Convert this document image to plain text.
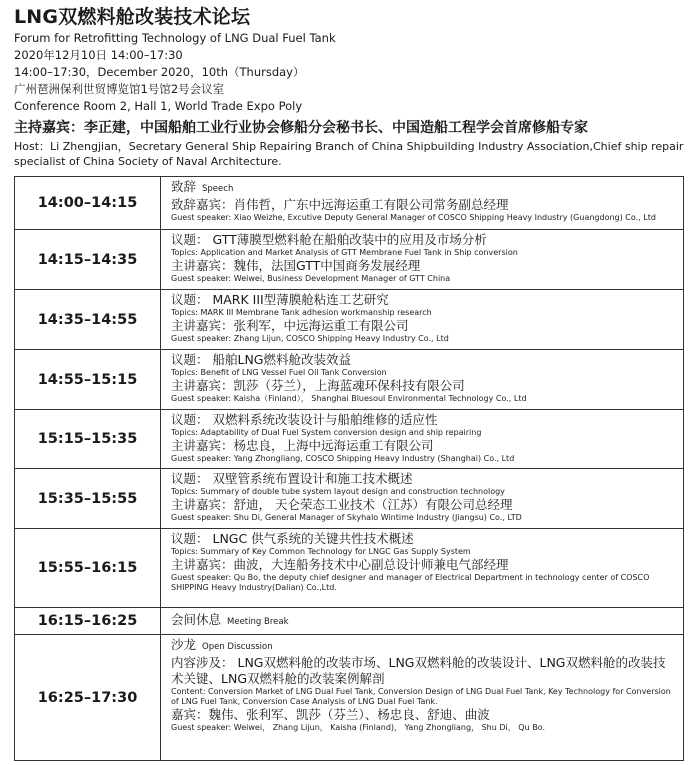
LNG双燃料舱改装技术论坛
Forum for Retrofitting Technology of LNG Dual Fuel Tank
2020年12月10日 14:00–17:30
14:00–17:30，December 2020，10th（Thursday）
广州琶洲保利世贸博览馆1号馆2号会议室
Conference Room 2, Hall 1, World Trade Expo Poly
主持嘉宾：李正建，中国船舶工业行业协会修船分会秘书长、中国造船工程学会首席修船专家
Host：Li Zhengjian，Secretary General Ship Repairing Branch of China Shipbuilding Industry Association,Chief ship repair specialist of China Society of Naval Architecture.
14:00–14:15	致辞 Speech
致辞嘉宾：肖伟哲，广东中远海运重工有限公司常务副总经理
Guest speaker: Xiao Weizhe, Excutive Deputy General Manager of COSCO Shipping Heavy Industry (Guangdong) Co., Ltd

14:15–14:35	议题： GTT薄膜型燃料舱在船舶改装中的应用及市场分析
Topics: Application and Market Analysis of GTT Membrane Fuel Tank in Ship conversion
主讲嘉宾：魏伟，法国GTT中国商务发展经理
Guest speaker: Weiwei, Business Development Manager of GTT China

14:35–14:55	议题： MARK III型薄膜舱粘连工艺研究
Topics: MARK III Membrane Tank adhesion workmanship research
主讲嘉宾：张利军，中远海运重工有限公司
Guest speaker: Zhang Lijun, COSCO Shipping Heavy Industry Co., Ltd

14:55–15:15	议题： 船舶LNG燃料舱改装效益
Topics: Benefit of LNG Vessel Fuel Oil Tank Conversion
主讲嘉宾：凯莎（芬兰），上海蓝魂环保科技有限公司
Guest speaker: Kaisha（Finland）， Shanghai Bluesoul Environmental Technology Co., Ltd

15:15–15:35	议题： 双燃料系统改装设计与船舶维修的适应性
Topics: Adaptability of Dual Fuel System conversion design and ship repairing
主讲嘉宾：杨忠良，上海中远海运重工有限公司
Guest speaker: Yang Zhongliang, COSCO Shipping Heavy Industry (Shanghai) Co., Ltd

15:35–15:55	议题： 双壁管系统布置设计和施工技术概述
Topics: Summary of double tube system layout design and construction technology
主讲嘉宾：舒迪， 天仑荣态工业技术（江苏）有限公司总经理
Guest speaker: Shu Di, General Manager of Skyhalo Wintime Industry (Jiangsu) Co., LTD

15:55–16:15	议题： LNGC 供气系统的关键共性技术概述
Topics: Summary of Key Common Technology for LNGC Gas Supply System
主讲嘉宾：曲波，大连船务技术中心副总设计师兼电气部经理
Guest speaker: Qu Bo, the deputy chief designer and manager of Electrical Department in technology center of COSCO SHIPPING Heavy Industry(Dalian) Co.,Ltd.

16:15–16:25	会间休息 Meeting Break

16:25–17:30	沙龙 Open Discussion
内容涉及： LNG双燃料舱的改装市场、LNG双燃料舱的改装设计、LNG双燃料舱的改装技术关键、LNG双燃料舱的改装案例解剖
Content: Conversion Market of LNG Dual Fuel Tank, Conversion Design of LNG Dual Fuel Tank, Key Technology for Conversion of LNG Fuel Tank, Conversion Case Analysis of LNG Dual Fuel Tank.
嘉宾：魏伟、张利军、凯莎（芬兰）、杨忠良、舒迪、曲波
Guest speaker: Weiwei， Zhang Lijun， Kaisha (Finland)， Yang Zhongliang， Shu Di， Qu Bo.
